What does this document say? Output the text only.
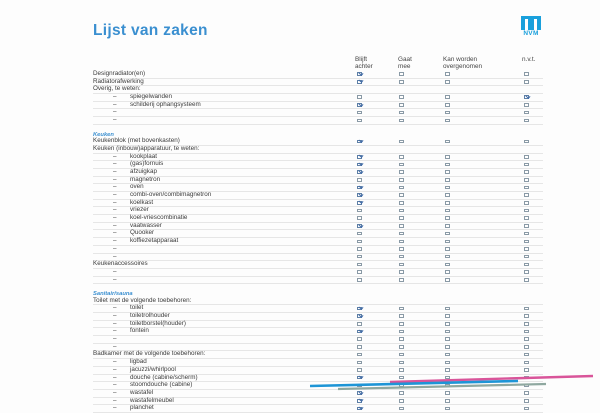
Lijst van zaken	NVM
Blijft
achter
Gaat
mee
Kan worden
overgenomen
n.v.t.
Designradiator(en)
Radiatorafwerking
Overig, te weten:
– spiegelwanden
– schilderij ophangsysteem
–
–
Keuken
Keukenblok (met bovenkasten)
Keuken (inbouw)apparatuur, te weten:
– kookplaat
– (gas)fornuis
– afzuigkap
– magnetron
– oven
– combi-oven/combimagnetron
– koelkast
– vriezer
– koel-vriescombinatie
– vaatwasser
– Quooker
– koffiezetapparaat
–
–
Keukenaccessoires
–
–
Sanitair/sauna
Toilet met de volgende toebehoren:
– toilet
– toiletrolhouder
– toiletborstel(houder)
– fontein
–
–
Badkamer met de volgende toebehoren:
– ligbad
– jacuzzi/whirlpool
– douche (cabine/scherm)
– stoomdouche (cabine)
– wastafel
– wastafelmeubel
– planchet
